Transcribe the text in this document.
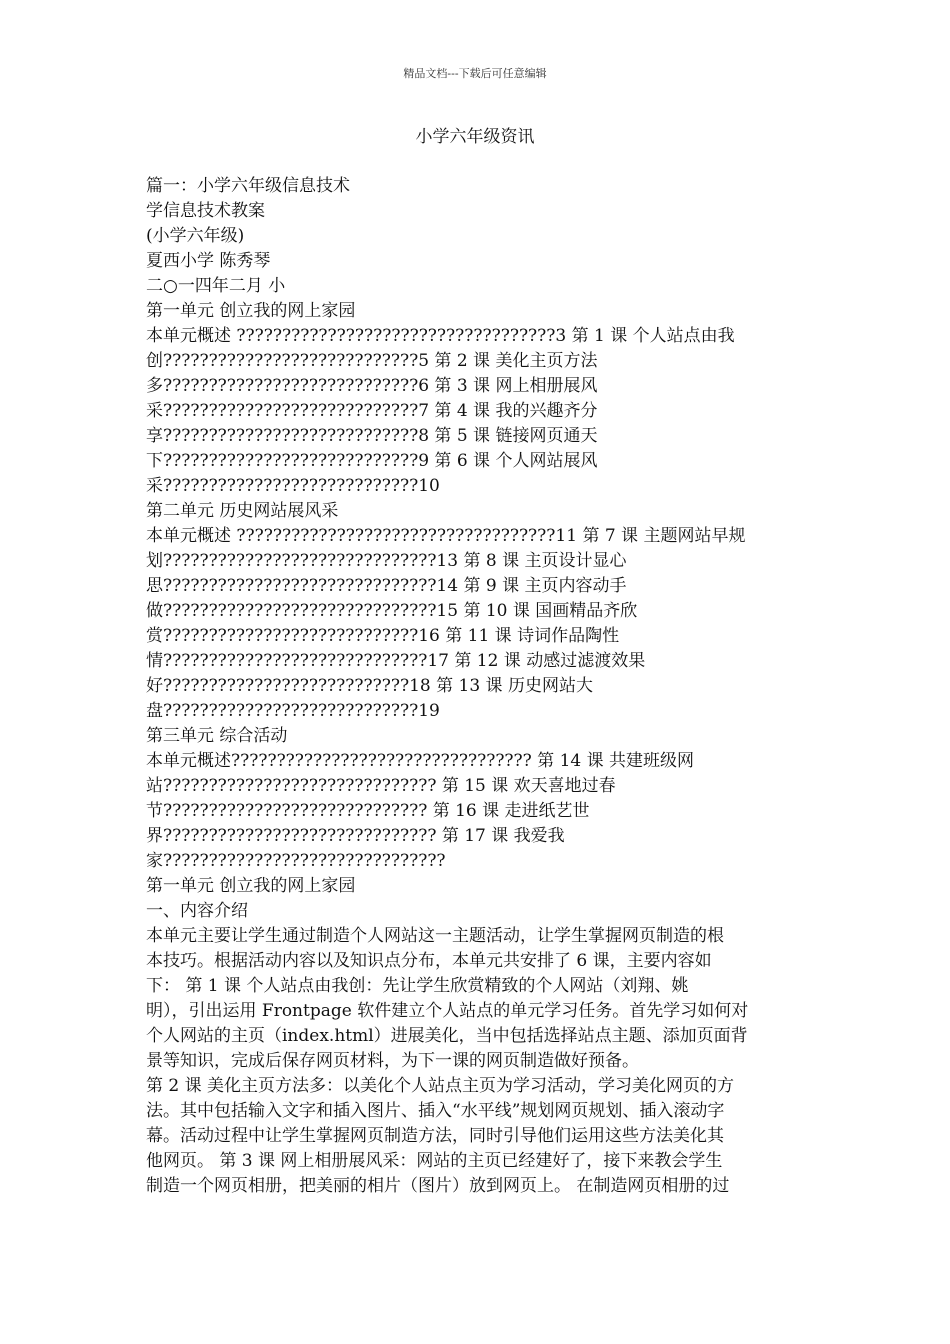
精品文档---下载后可任意编辑
小学六年级资讯

篇一：小学六年级信息技术

学信息技术教案

(小学六年级)

夏西小学 陈秀琴

二○一四年二月 小

第一单元 创立我的网上家园

本单元概述 ???????????????????????????????????3 第 1 课 个人站点由我

创????????????????????????????5 第 2 课 美化主页方法

多????????????????????????????6 第 3 课 网上相册展风

采????????????????????????????7 第 4 课 我的兴趣齐分

享????????????????????????????8 第 5 课 链接网页通天

下????????????????????????????9 第 6 课 个人网站展风

采????????????????????????????10

第二单元 历史网站展风采

本单元概述 ???????????????????????????????????11 第 7 课 主题网站早规

划??????????????????????????????13 第 8 课 主页设计显心

思??????????????????????????????14 第 9 课 主页内容动手

做??????????????????????????????15 第 10 课 国画精品齐欣

赏????????????????????????????16 第 11 课 诗词作品陶性

情?????????????????????????????17 第 12 课 动感过滤渡效果

好???????????????????????????18 第 13 课 历史网站大

盘????????????????????????????19

第三单元 综合活动

本单元概述????????????????????????????????? 第 14 课 共建班级网

站?????????????????????????????? 第 15 课 欢天喜地过春

节????????????????????????????? 第 16 课 走进纸艺世

界?????????????????????????????? 第 17 课 我爱我

家???????????????????????????????

第一单元 创立我的网上家园

一、内容介绍

本单元主要让学生通过制造个人网站这一主题活动，让学生掌握网页制造的根

本技巧。根据活动内容以及知识点分布，本单元共安排了 6 课，主要内容如

下： 第 1 课 个人站点由我创：先让学生欣赏精致的个人网站（刘翔、姚

明），引出运用 Frontpage 软件建立个人站点的单元学习任务。首先学习如何对

个人网站的主页（index.html）进展美化，当中包括选择站点主题、添加页面背

景等知识，完成后保存网页材料，为下一课的网页制造做好预备。

第 2 课 美化主页方法多：以美化个人站点主页为学习活动，学习美化网页的方

法。其中包括输入文字和插入图片、插入“水平线”规划网页规划、插入滚动字

幕。活动过程中让学生掌握网页制造方法，同时引导他们运用这些方法美化其

他网页。 第 3 课 网上相册展风采：网站的主页已经建好了，接下来教会学生

制造一个网页相册，把美丽的相片（图片）放到网页上。 在制造网页相册的过
